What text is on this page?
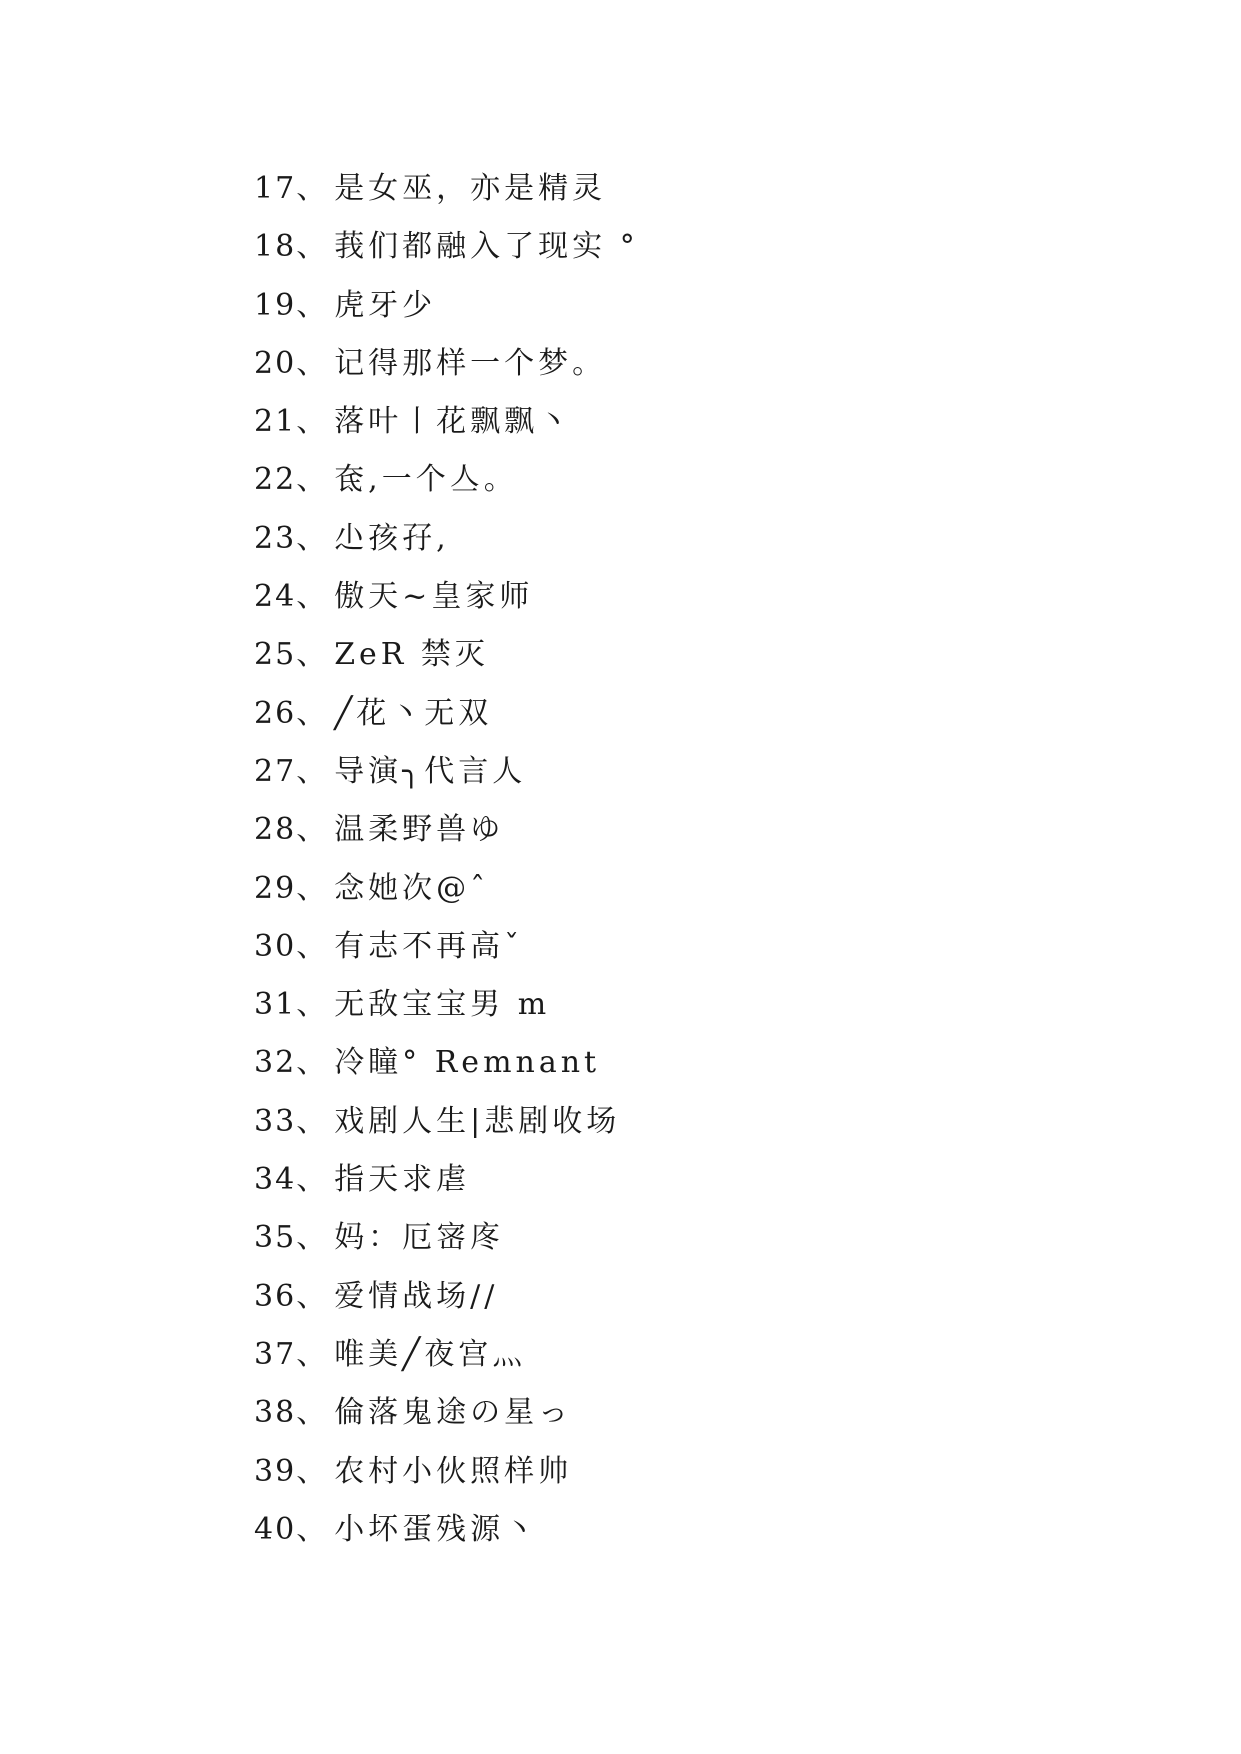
17、 是女巫，亦是精灵
18、 莪们都融入了现实 °
19、 虎牙少
20、 记得那样一个梦。
21、 落叶丨花飘飘丶
22、 奃,一个亼。
23、 尐孩孖,
24、 傲天~皇家师
25、 ZeR 禁灭
26、 ╱花丶无双
27、 导演╮代言人
28、 温柔野兽ゆ
29、 念她次@ˆ
30、 有志不再高ˇ
31、 无敌宝宝男 m
32、 冷瞳° Remnant
33、 戏剧人生|悲剧收场
34、 指天求虐
35、 妈：厄宻庝
36、 爱情战场//
37、 唯美╱夜宫灬
38、 倫落鬼途の星っ
39、 农村小伙照样帅
40、 小坏蛋残源丶
